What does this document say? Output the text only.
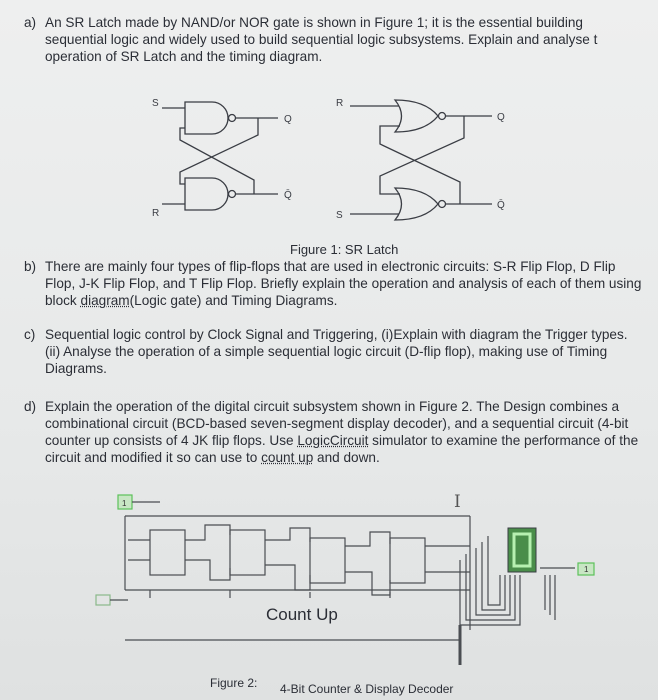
a) An SR Latch made by NAND/or NOR gate is shown in Figure 1; it is the essential building
sequential logic and widely used to build sequential logic subsystems. Explain and analyse t
operation of SR Latch and the timing diagram.
S
R
Q
Q̄
R
S
Q
Q̄
Figure 1: SR Latch
b) There are mainly four types of flip-flops that are used in electronic circuits: S-R Flip Flop, D Flip
Flop, J-K Flip Flop, and T Flip Flop. Briefly explain the operation and analysis of each of them using
block diagram(Logic gate) and Timing Diagrams.
c) Sequential logic control by Clock Signal and Triggering, (i)Explain with diagram the Trigger types.
(ii) Analyse the operation of a simple sequential logic circuit (D-flip flop), making use of Timing
Diagrams.
d) Explain the operation of the digital circuit subsystem shown in Figure 2. The Design combines a
combinational circuit (BCD-based seven-segment display decoder), and a sequential circuit (4-bit
counter up consists of 4 JK flip flops. Use LogicCircuit simulator to examine the performance of the
circuit and modified it so can use to count up and down.
1
1
Count Up
Figure 2: 4-Bit Counter & Display Decoder
I
